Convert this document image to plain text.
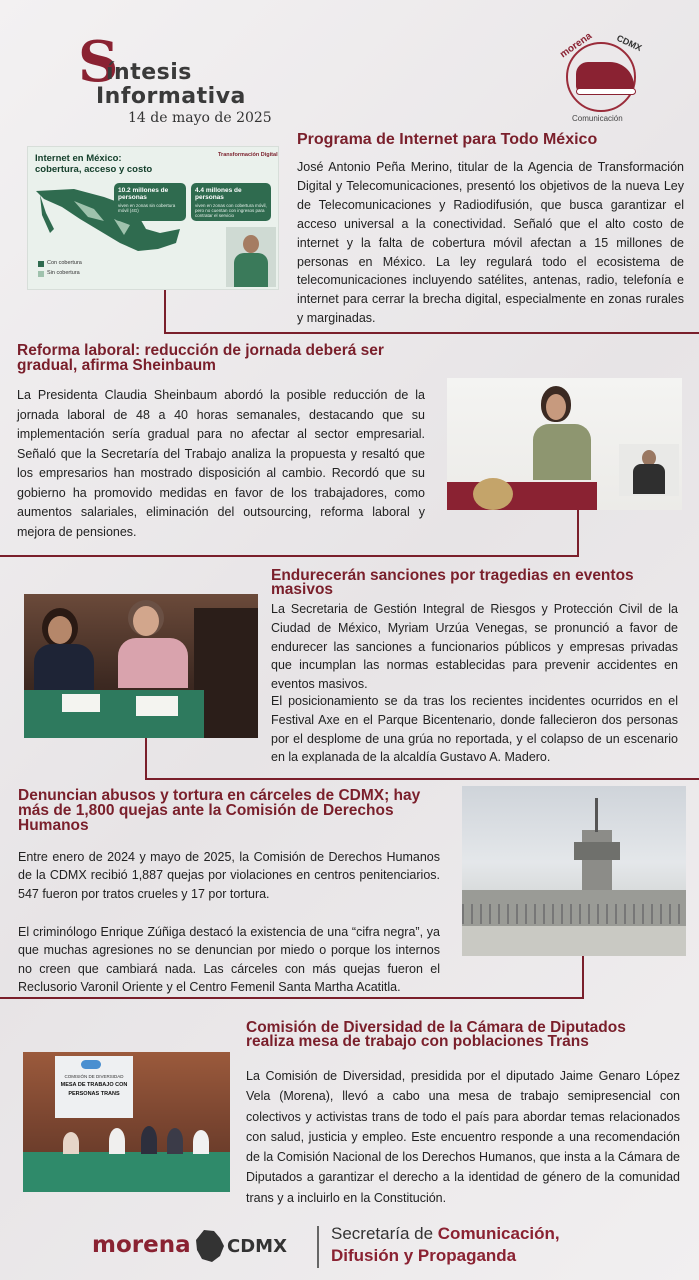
S
íntesis
Informativa
14 de mayo de 2025
morena CDMX
Comunicación
Programa de Internet para Todo México

José Antonio Peña Merino, titular de la Agencia de Transformación Digital y Telecomunicaciones, presentó los objetivos de la nueva Ley de Telecomunicaciones y Radiodifusión, que busca garantizar el acceso universal a la conectividad. Señaló que el alto costo de internet y la falta de cobertura móvil afectan a 15 millones de personas en México. La ley regulará todo el ecosistema de telecomunicaciones incluyendo satélites, antenas, radio, telefonía e internet para cerrar la brecha digital, especialmente en zonas rurales y marginadas.

Internet en México: cobertura, acceso y costo
Transformación Digital
Con cobertura
Sin cobertura
10.2 millones de personas
viven en zonas sin cobertura móvil (4G)
4.4 millones de personas
viven en zonas con cobertura móvil, pero no cuentan con ingresos para contratar el servicio
Reforma laboral: reducción de jornada deberá ser
gradual, afirma Sheinbaum

La Presidenta Claudia Sheinbaum abordó la posible reducción de la jornada laboral de 48 a 40 horas semanales, destacando que su implementación sería gradual para no afectar al sector empresarial. Señaló que la Secretaría del Trabajo analiza la propuesta y resaltó que los empresarios han mostrado disposición al cambio. Recordó que su gobierno ha promovido medidas en favor de los trabajadores, como aumentos salariales, eliminación del outsourcing, reforma laboral y mejora de pensiones.

Endurecerán sanciones por tragedias en eventos
masivos

La Secretaria de Gestión Integral de Riesgos y Protección Civil de la Ciudad de México, Myriam Urzúa Venegas, se pronunció a favor de endurecer las sanciones a funcionarios públicos y empresas privadas que incumplan las normas establecidas para prevenir accidentes en eventos masivos.

El posicionamiento se da tras los recientes incidentes ocurridos en el Festival Axe en el Parque Bicentenario, donde fallecieron dos personas por el desplome de una grúa no reportada, y el colapso de un escenario en la explanada de la alcaldía Gustavo A. Madero.

Denuncian abusos y tortura en cárceles de CDMX; hay
más de 1,800 quejas ante la Comisión de Derechos
Humanos

Entre enero de 2024 y mayo de 2025, la Comisión de Derechos Humanos de la CDMX recibió 1,887 quejas por violaciones en centros penitenciarios. 547 fueron por tratos crueles y 17 por tortura.

El criminólogo Enrique Zúñiga destacó la existencia de una “cifra negra”, ya que muchas agresiones no se denuncian por miedo o porque los internos no creen que cambiará nada. Las cárceles con más quejas fueron el Reclusorio Varonil Oriente y el Centro Femenil Santa Martha Acatitla.

Comisión de Diversidad de la Cámara de Diputados
realiza mesa de trabajo con poblaciones Trans

La Comisión de Diversidad, presidida por el diputado Jaime Genaro López Vela (Morena), llevó a cabo una mesa de trabajo semipresencial con colectivos y activistas trans de todo el país para abordar temas relacionados con salud, justicia y empleo. Este encuentro responde a una recomendación de la Comisión Nacional de los Derechos Humanos, que insta a la Cámara de Diputados a garantizar el derecho a la identidad de género de la comunidad trans y a incluirlo en la Constitución.

COMISIÓN DE DIVERSIDAD
MESA DE TRABAJO CON
PERSONAS TRANS
morena CDMX
Secretaría de Comunicación,
Difusión y Propaganda
